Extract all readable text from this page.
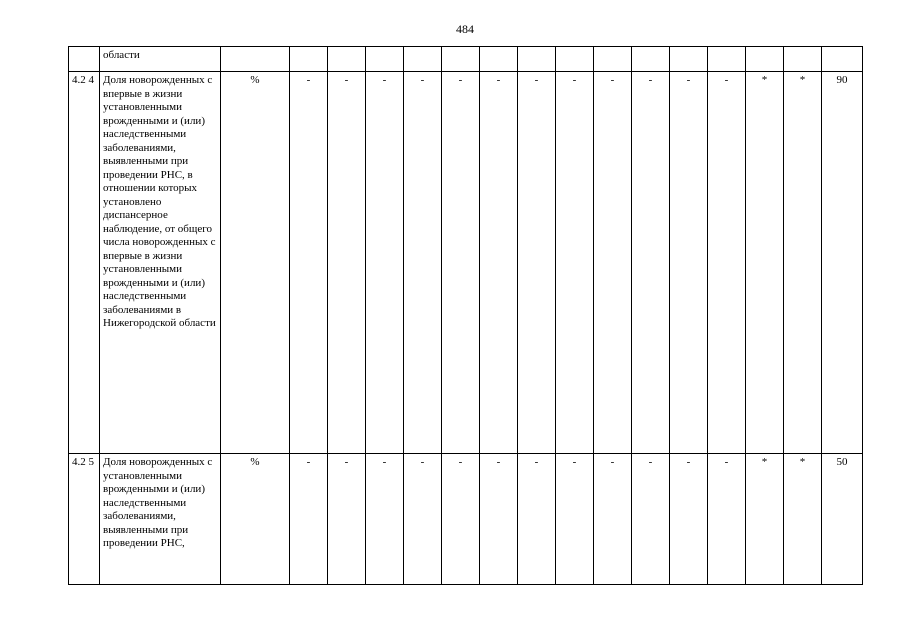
484
	области																
4.2 4	Доля новорожденных с впервые в жизни установленными врожденными и (или) наследственными заболеваниями, выявленными при проведении РНС, в отношении которых установлено диспансерное наблюдение, от общего числа новорожденных с впервые в жизни установленными врожденными и (или) наследственными заболеваниями в Нижегородской области	%	-	-	-	-	-	-	-	-	-	-	-	-	*	*	90
4.2 5	Доля новорожденных с установленными врожденными и (или) наследственными заболеваниями, выявленными при проведении РНС,	%	-	-	-	-	-	-	-	-	-	-	-	-	*	*	50
